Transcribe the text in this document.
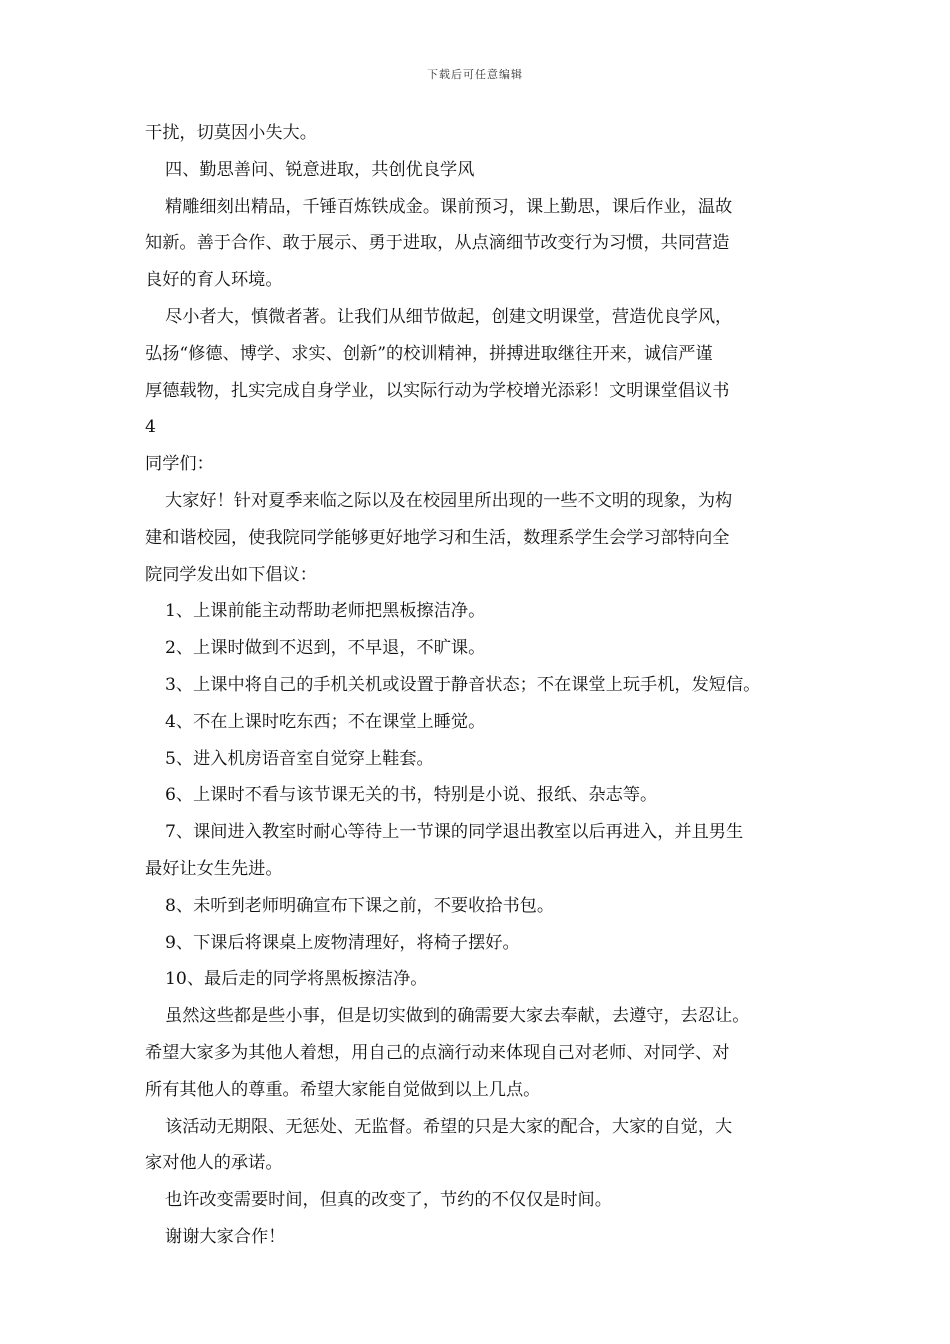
下载后可任意编辑

干扰，切莫因小失大。

四、勤思善问、锐意进取，共创优良学风

精雕细刻出精品，千锤百炼铁成金。课前预习，课上勤思，课后作业，温故

知新。善于合作、敢于展示、勇于进取，从点滴细节改变行为习惯，共同营造

良好的育人环境。

尽小者大，慎微者著。让我们从细节做起，创建文明课堂，营造优良学风，

弘扬“修德、博学、求实、创新”的校训精神，拼搏进取继往开来，诚信严谨

厚德载物，扎实完成自身学业，以实际行动为学校增光添彩！文明课堂倡议书

4

同学们：

大家好！针对夏季来临之际以及在校园里所出现的一些不文明的现象，为构

建和谐校园，使我院同学能够更好地学习和生活，数理系学生会学习部特向全

院同学发出如下倡议：

1、上课前能主动帮助老师把黑板擦洁净。

2、上课时做到不迟到，不早退，不旷课。

3、上课中将自己的手机关机或设置于静音状态；不在课堂上玩手机，发短信。

4、不在上课时吃东西；不在课堂上睡觉。

5、进入机房语音室自觉穿上鞋套。

6、上课时不看与该节课无关的书，特别是小说、报纸、杂志等。

7、课间进入教室时耐心等待上一节课的同学退出教室以后再进入，并且男生

最好让女生先进。

8、未听到老师明确宣布下课之前，不要收拾书包。

9、下课后将课桌上废物清理好，将椅子摆好。

10、最后走的同学将黑板擦洁净。

虽然这些都是些小事，但是切实做到的确需要大家去奉献，去遵守，去忍让。

希望大家多为其他人着想，用自己的点滴行动来体现自己对老师、对同学、对

所有其他人的尊重。希望大家能自觉做到以上几点。

该活动无期限、无惩处、无监督。希望的只是大家的配合，大家的自觉，大

家对他人的承诺。

也许改变需要时间，但真的改变了，节约的不仅仅是时间。

谢谢大家合作！
